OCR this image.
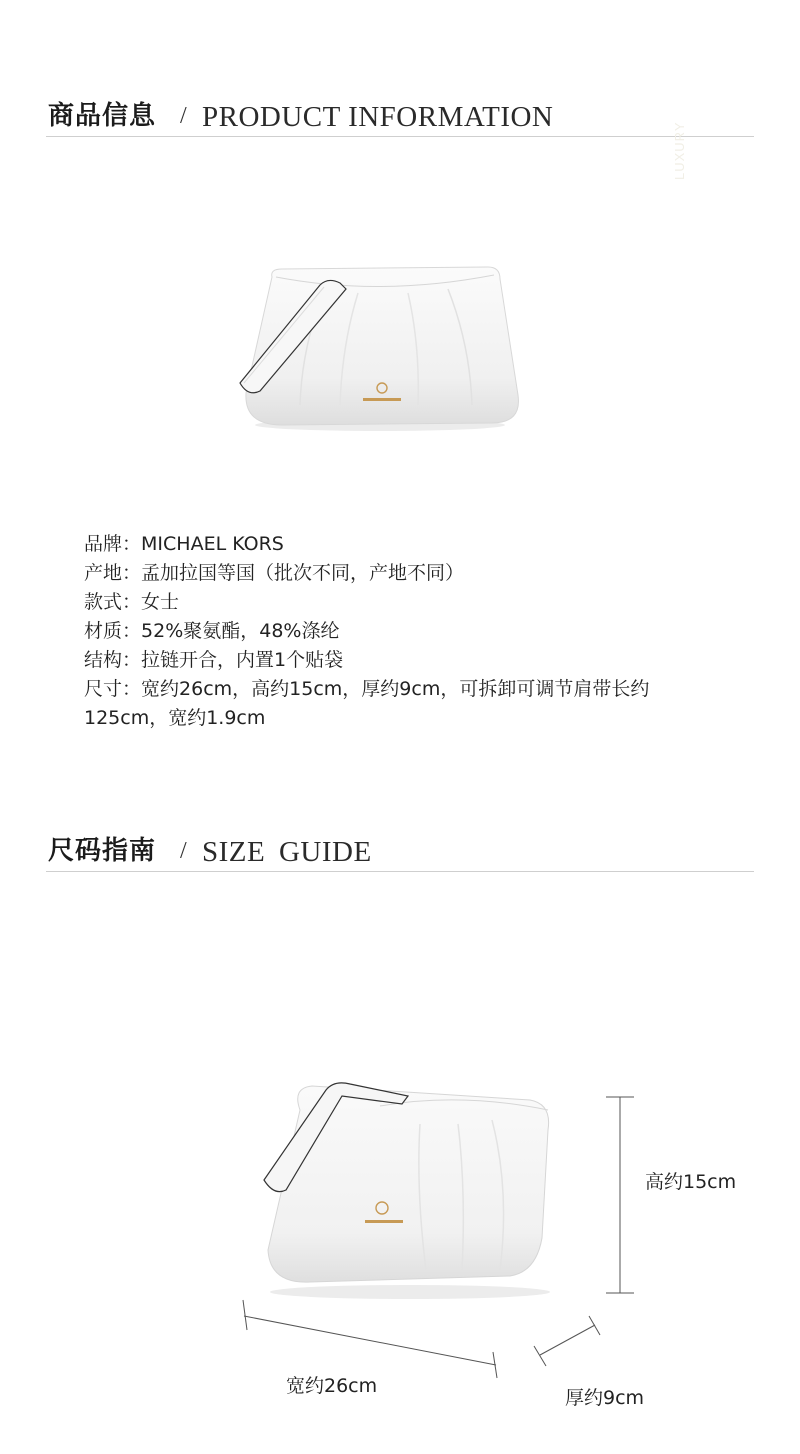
商品信息 / PRODUCT INFORMATION
LUXURY
品牌：MICHAEL KORS
产地：孟加拉国等国（批次不同，产地不同）
款式：女士
材质：52%聚氨酯，48%涤纶
结构：拉链开合，内置1个贴袋
尺寸：宽约26cm，高约15cm，厚约9cm，可拆卸可调节肩带长约125cm，宽约1.9cm
尺码指南 / SIZE GUIDE
高约15cm
宽约26cm
厚约9cm
